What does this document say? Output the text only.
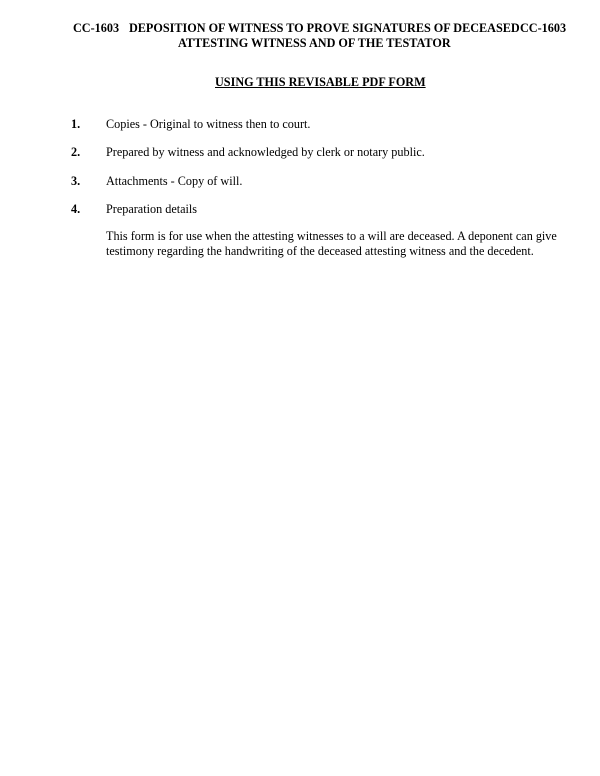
CC-1603 DEPOSITION OF WITNESS TO PROVE SIGNATURES OF DECEASED CC-1603
ATTESTING WITNESS AND OF THE TESTATOR
USING THIS REVISABLE PDF FORM
1. Copies - Original to witness then to court.
2. Prepared by witness and acknowledged by clerk or notary public.
3. Attachments - Copy of will.
4. Preparation details
This form is for use when the attesting witnesses to a will are deceased. A deponent can give
testimony regarding the handwriting of the deceased attesting witness and the decedent.
